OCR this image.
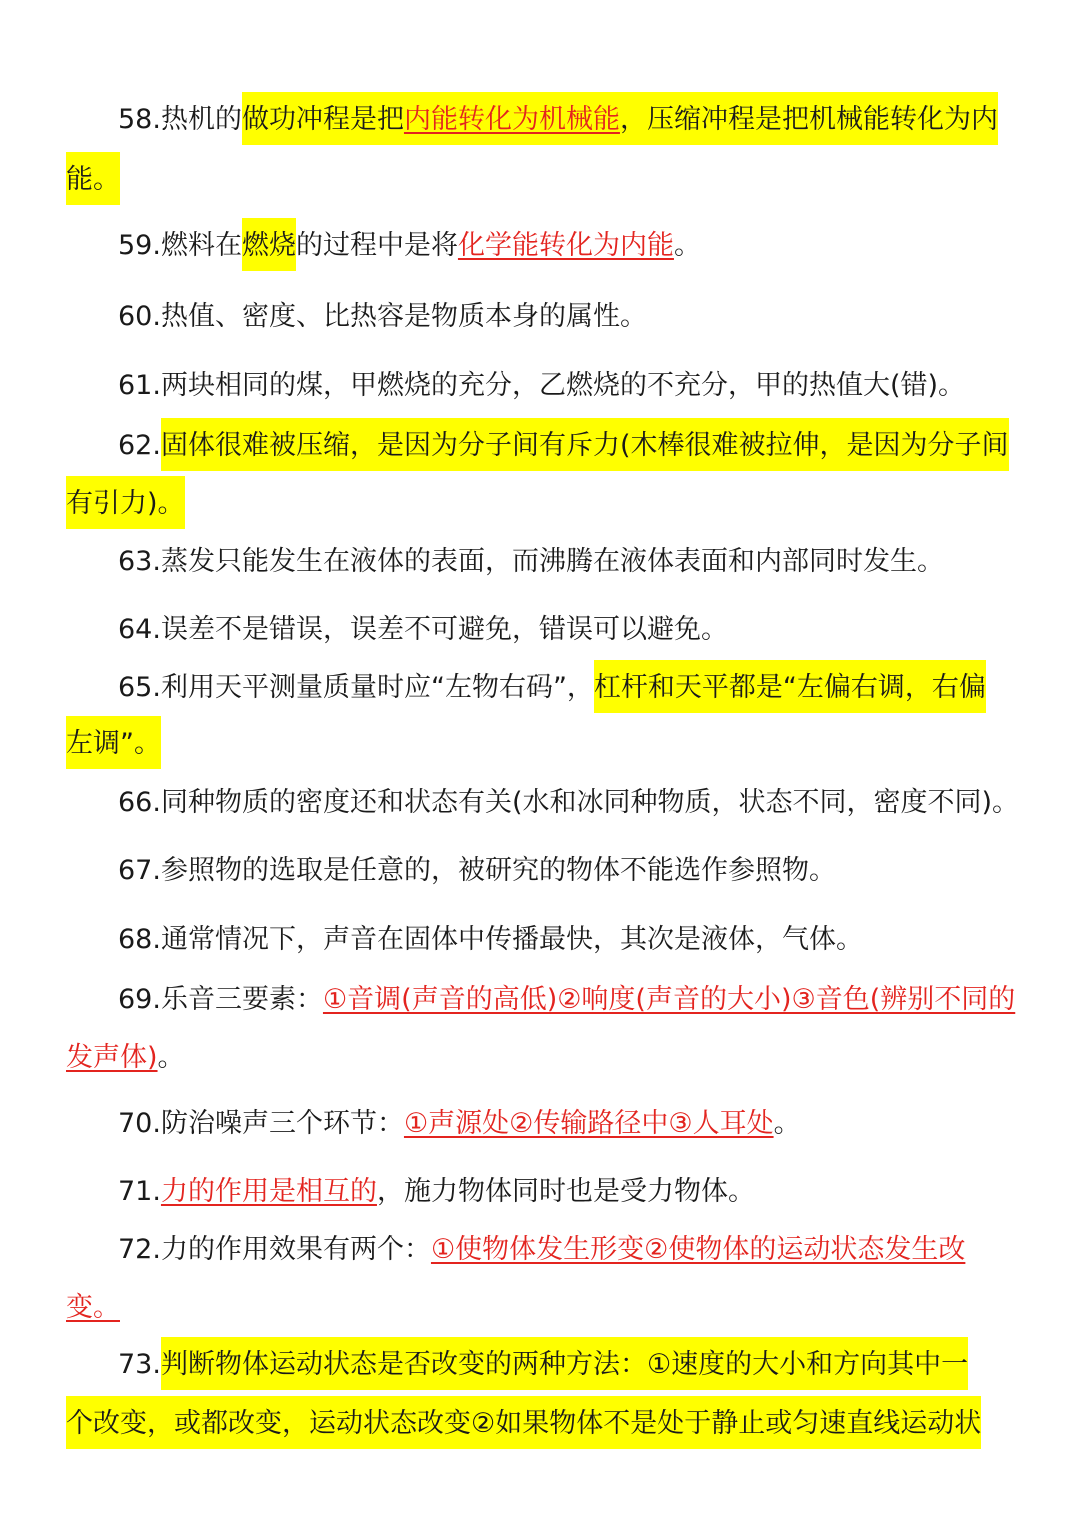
58.热机的做功冲程是把内能转化为机械能，压缩冲程是把机械能转化为内
能。
59.燃料在燃烧的过程中是将化学能转化为内能。
60.热值、密度、比热容是物质本身的属性。
61.两块相同的煤，甲燃烧的充分，乙燃烧的不充分，甲的热值大(错)。
62.固体很难被压缩，是因为分子间有斥力(木棒很难被拉伸，是因为分子间
有引力)。
63.蒸发只能发生在液体的表面，而沸腾在液体表面和内部同时发生。
64.误差不是错误，误差不可避免，错误可以避免。
65.利用天平测量质量时应“左物右码”，杠杆和天平都是“左偏右调，右偏
左调”。
66.同种物质的密度还和状态有关(水和冰同种物质，状态不同，密度不同)。
67.参照物的选取是任意的，被研究的物体不能选作参照物。
68.通常情况下，声音在固体中传播最快，其次是液体，气体。
69.乐音三要素：①音调(声音的高低)②响度(声音的大小)③音色(辨别不同的
发声体)。
70.防治噪声三个环节：①声源处②传输路径中③人耳处。
71.力的作用是相互的，施力物体同时也是受力物体。
72.力的作用效果有两个：①使物体发生形变②使物体的运动状态发生改
变。
73.判断物体运动状态是否改变的两种方法：①速度的大小和方向其中一
个改变，或都改变，运动状态改变②如果物体不是处于静止或匀速直线运动状
